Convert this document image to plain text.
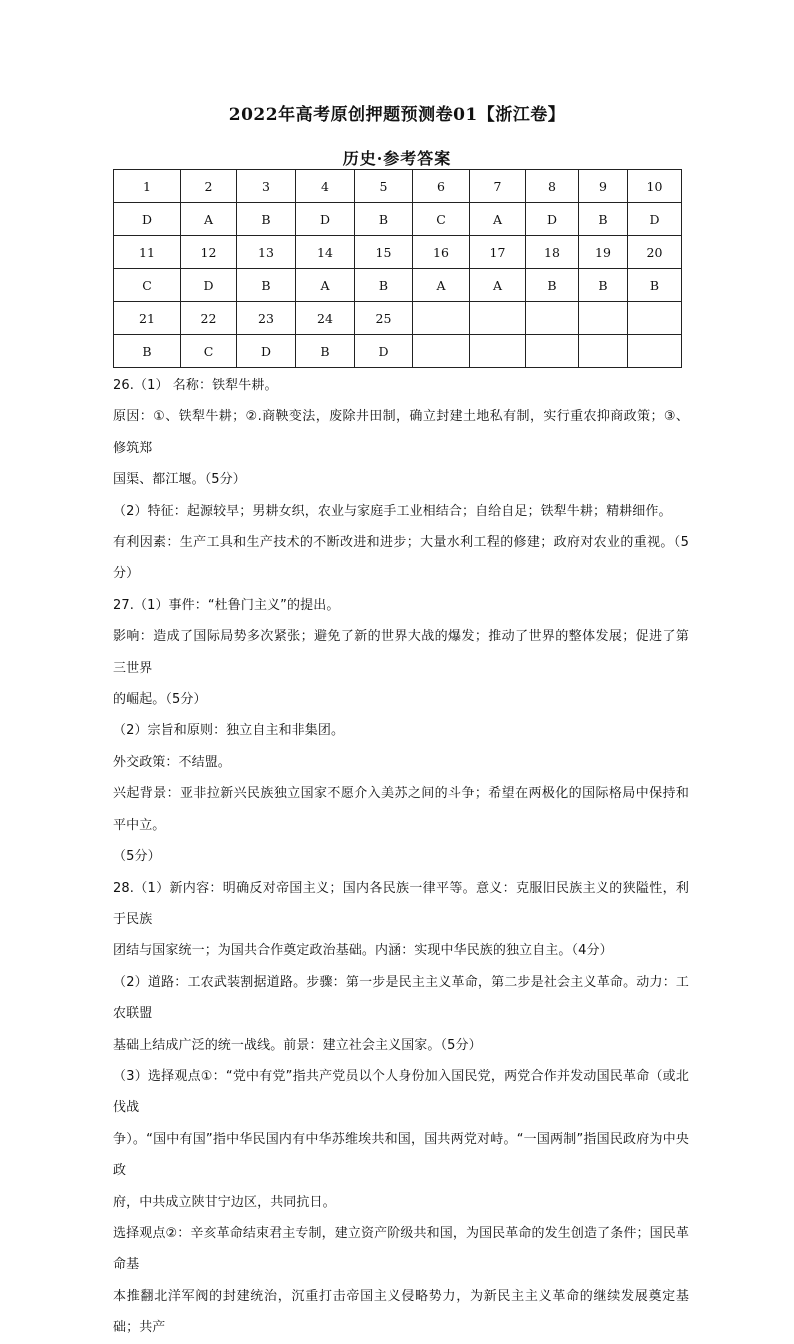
2022年高考原创押题预测卷01【浙江卷】
历史·参考答案
1	2	3	4	5	6	7	8	9	10
D	A	B	D	B	C	A	D	B	D
11	12	13	14	15	16	17	18	19	20
C	D	B	A	B	A	A	B	B	B
21	22	23	24	25					
B	C	D	B	D					

26.（1） 名称：铁犁牛耕。

原因：①、铁犁牛耕；②.商鞅变法，废除井田制，确立封建土地私有制，实行重农抑商政策；③、修筑郑

国渠、都江堰。（5分）

（2）特征：起源较早；男耕女织，农业与家庭手工业相结合；自给自足；铁犁牛耕；精耕细作。

有利因素：生产工具和生产技术的不断改进和进步；大量水利工程的修建；政府对农业的重视。（5分）

27.（1）事件：“杜鲁门主义”的提出。

影响：造成了国际局势多次紧张；避免了新的世界大战的爆发；推动了世界的整体发展；促进了第三世界

的崛起。（5分）

（2）宗旨和原则：独立自主和非集团。

外交政策：不结盟。

兴起背景：亚非拉新兴民族独立国家不愿介入美苏之间的斗争；希望在两极化的国际格局中保持和平中立。

（5分）

28.（1）新内容：明确反对帝国主义；国内各民族一律平等。意义：克服旧民族主义的狭隘性，利于民族

团结与国家统一；为国共合作奠定政治基础。内涵：实现中华民族的独立自主。（4分）

（2）道路：工农武装割据道路。步骤：第一步是民主主义革命，第二步是社会主义革命。动力：工农联盟

基础上结成广泛的统一战线。前景：建立社会主义国家。（5分）

（3）选择观点①：“党中有党”指共产党员以个人身份加入国民党，两党合作并发动国民革命（或北伐战

争）。“国中有国”指中华民国内有中华苏维埃共和国，国共两党对峙。“一国两制”指国民政府为中央政

府，中共成立陕甘宁边区，共同抗日。

选择观点②：辛亥革命结束君主专制，建立资产阶级共和国，为国民革命的发生创造了条件；国民革命基

本推翻北洋军阀的封建统治，沉重打击帝国主义侵略势力，为新民主主义革命的继续发展奠定基础；共产
